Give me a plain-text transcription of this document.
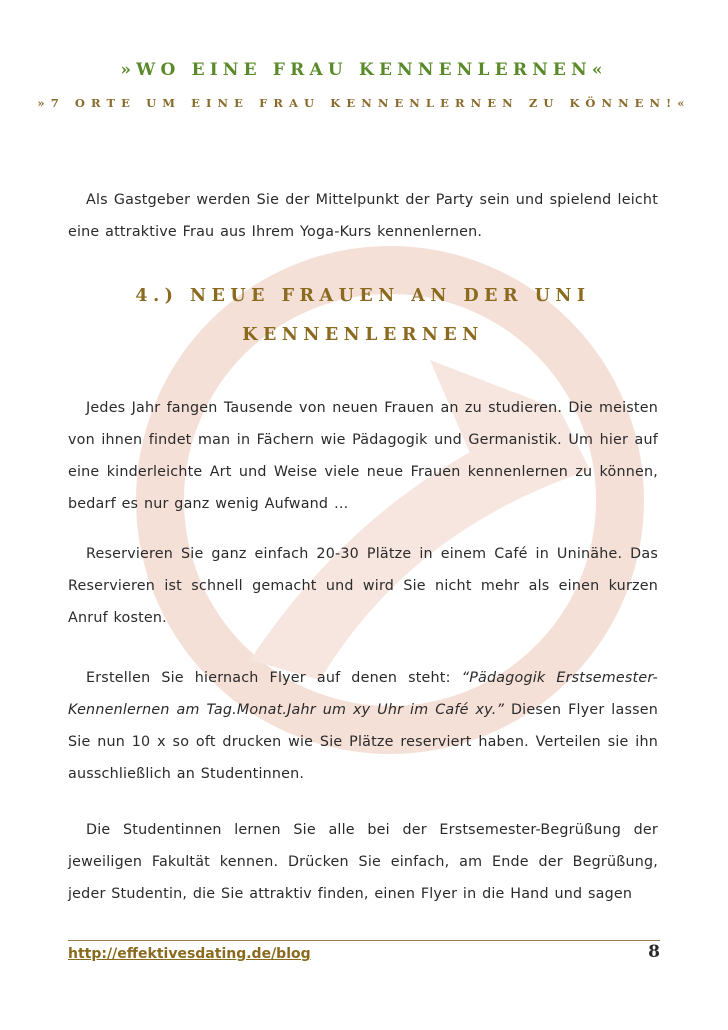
»WO EINE FRAU KENNENLERNEN«
»7 ORTE UM EINE FRAU KENNENLERNEN ZU KÖNNEN!«

Als Gastgeber werden Sie der Mittelpunkt der Party sein und spielend leicht eine attraktive Frau aus Ihrem Yoga-Kurs kennenlernen.

4.) NEUE FRAUEN AN DER UNI
KENNENLERNEN

Jedes Jahr fangen Tausende von neuen Frauen an zu studieren. Die meisten von ihnen findet man in Fächern wie Pädagogik und Germanistik. Um hier auf eine kinderleichte Art und Weise viele neue Frauen kennenlernen zu können, bedarf es nur ganz wenig Aufwand …

Reservieren Sie ganz einfach 20-30 Plätze in einem Café in Uninähe. Das Reservieren ist schnell gemacht und wird Sie nicht mehr als einen kurzen Anruf kosten.

Erstellen Sie hiernach Flyer auf denen steht: “Pädagogik Erstsemester-Kennenlernen am Tag.Monat.Jahr um xy Uhr im Café xy.” Diesen Flyer lassen Sie nun 10 x so oft drucken wie Sie Plätze reserviert haben. Verteilen sie ihn ausschließlich an Studentinnen.

Die Studentinnen lernen Sie alle bei der Erstsemester-Begrüßung der jeweiligen Fakultät kennen. Drücken Sie einfach, am Ende der Begrüßung, jeder Studentin, die Sie attraktiv finden, einen Flyer in die Hand und sagen

http://effektivesdating.de/blog	8
